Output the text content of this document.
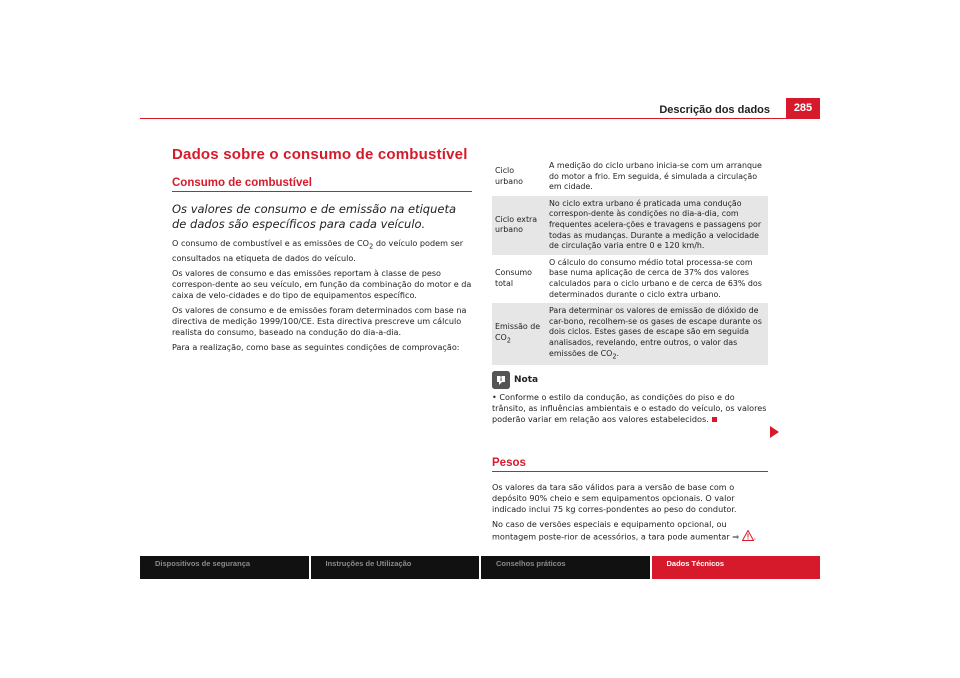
Descrição dos dados	285
Dados sobre o consumo de combustível
Consumo de combustível
Os valores de consumo e de emissão na etiqueta de dados são específicos para cada veículo.

O consumo de combustível e as emissões de $CO_2$ do veículo podem ser consultados na etiqueta de dados do veículo.

Os valores de consumo e das emissões reportam à classe de peso correspon-dente ao seu veículo, em função da combinação do motor e da caixa de velo-cidades e do tipo de equipamentos específico.

Os valores de consumo e de emissões foram determinados com base na directiva de medição 1999/100/CE. Esta directiva prescreve um cálculo realista do consumo, baseado na condução do dia-a-dia.

Para a realização, como base as seguintes condições de comprovação:

Ciclo urbano	A medição do ciclo urbano inicia-se com um arranque do motor a frio. Em seguida, é simulada a circulação em cidade.
Ciclo extra urbano	No ciclo extra urbano é praticada uma condução correspon-dente às condições no dia-a-dia, com frequentes acelera-ções e travagens e passagens por todas as mudanças. Durante a medição a velocidade de circulação varia entre 0 e 120 km/h.
Consumo total	O cálculo do consumo médio total processa-se com base numa aplicação de cerca de 37% dos valores calculados para o ciclo urbano e de cerca de 63% dos determinados durante o ciclo extra urbano.
Emissão de $CO_2$	Para determinar os valores de emissão de dióxido de car-bono, recolhem-se os gases de escape durante os dois ciclos. Estes gases de escape são em seguida analisados, revelando, entre outros, o valor das emissões de $CO_2$.
i Nota

• Conforme o estilo da condução, as condições do piso e do trânsito, as influências ambientais e o estado do veículo, os valores poderão variar em relação aos valores estabelecidos.

Pesos

Os valores da tara são válidos para a versão de base com o depósito 90% cheio e sem equipamentos opcionais. O valor indicado inclui 75 kg corres-pondentes ao peso do condutor.

No caso de versões especiais e equipamento opcional, ou montagem poste-rior de acessórios, a tara pode aumentar ⇒ .

Dispositivos de segurança	Instruções de Utilização	Conselhos práticos	Dados Técnicos
